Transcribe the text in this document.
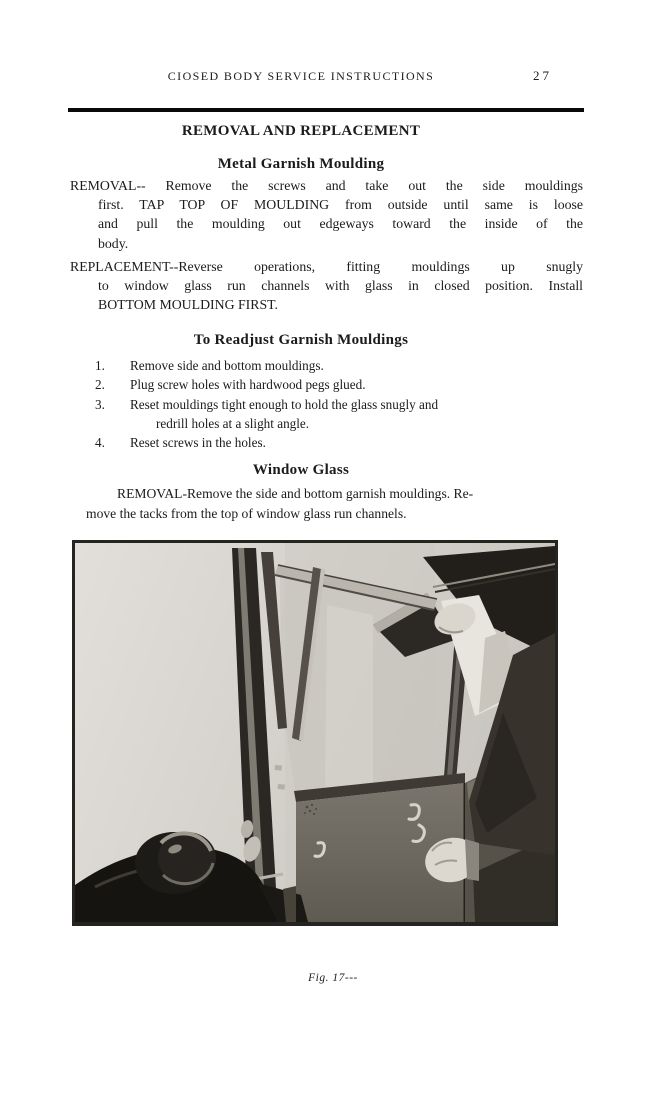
CIOSED BODY SERVICE INSTRUCTIONS	27
REMOVAL AND REPLACEMENT
Metal Garnish Moulding
REMOVAL-- Remove the screws and take out the side mouldings
first. TAP TOP OF MOULDING from outside until same is loose
and pull the moulding out edgeways toward the inside of the
body.
REPLACEMENT--Reverse operations, fitting mouldings up snugly
to window glass run channels with glass in closed position. Install
BOTTOM MOULDING FIRST.
To Readjust Garnish Mouldings
1.	Remove side and bottom mouldings.
2.	Plug screw holes with hardwood pegs glued.
3.	Reset mouldings tight enough to hold the glass snugly and
redrill holes at a slight angle.
4.	Reset screws in the holes.
Window Glass
REMOVAL-Remove the side and bottom garnish mouldings. Re-
move the tacks from the top of window glass run channels.
Fig. 17---
